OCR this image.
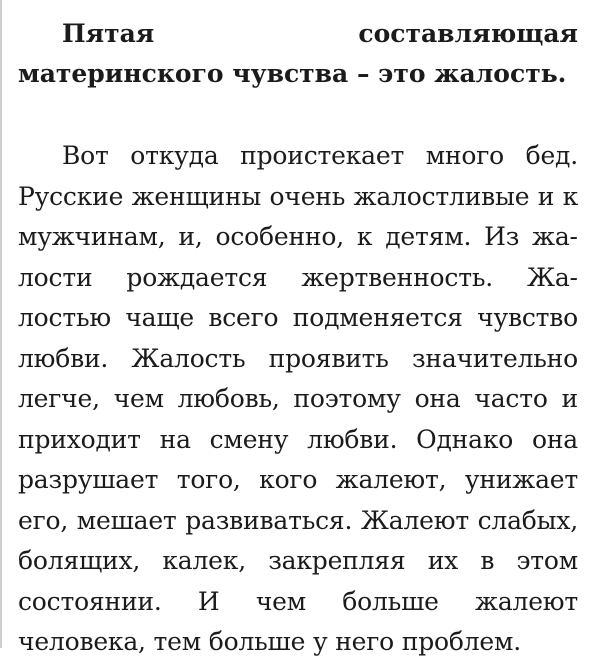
Пятая составляющая материнского чувства – это жалость.

Вот откуда проистекает много бед. Русские женщины очень жалостливые и к мужчинам, и, особенно, к детям. Из жалости рождается жертвенность. Жалостью чаще всего подменяется чувство любви. Жалость проявить значительно легче, чем любовь, поэтому она часто и приходит на смену любви. Однако она разрушает того, кого жалеют, унижает его, мешает развиваться. Жалеют слабых, болящих, калек, закрепляя их в этом состоянии. И чем больше жалеют человека, тем больше у него проблем.
